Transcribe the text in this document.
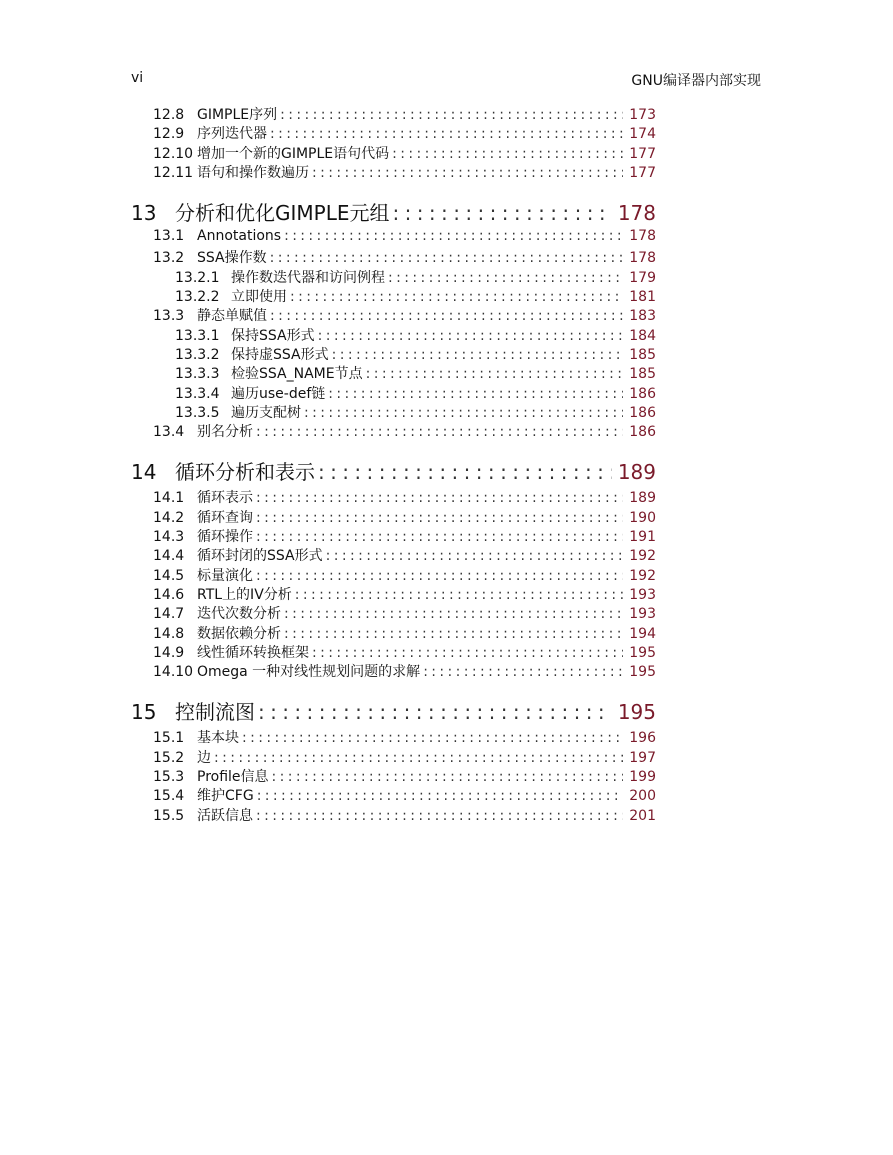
vi	GNU编译器内部实现
12.8 GIMPLE序列 :::::::::::::::::::::::::::::::::::::::::::::::::::::::::::::::::::::::::::::::::::::::::::::::::	173
12.9 序列迭代器 :::::::::::::::::::::::::::::::::::::::::::::::::::::::::::::::::::::::::::::::::::::::::::::::::	174
12.10 增加一个新的GIMPLE语句代码 :::::::::::::::::::::::::::::::::::::::::::::::::::::::::::::::::::::::::::::::::::::::::::::::::	177
12.11 语句和操作数遍历 :::::::::::::::::::::::::::::::::::::::::::::::::::::::::::::::::::::::::::::::::::::::::::::::::	177
13 分析和优化GIMPLE元组 :::::::::::::::::::::::::::::::::::::::::::::::::::::::::::::::::::::::::::::::::::::::::::::::::	178
13.1 Annotations :::::::::::::::::::::::::::::::::::::::::::::::::::::::::::::::::::::::::::::::::::::::::::::::::	178
13.2 SSA操作数 :::::::::::::::::::::::::::::::::::::::::::::::::::::::::::::::::::::::::::::::::::::::::::::::::	178
13.2.1 操作数迭代器和访问例程 :::::::::::::::::::::::::::::::::::::::::::::::::::::::::::::::::::::::::::::::::::::::::::::::::	179
13.2.2 立即使用 :::::::::::::::::::::::::::::::::::::::::::::::::::::::::::::::::::::::::::::::::::::::::::::::::	181
13.3 静态单赋值 :::::::::::::::::::::::::::::::::::::::::::::::::::::::::::::::::::::::::::::::::::::::::::::::::	183
13.3.1 保持SSA形式 :::::::::::::::::::::::::::::::::::::::::::::::::::::::::::::::::::::::::::::::::::::::::::::::::	184
13.3.2 保持虚SSA形式 :::::::::::::::::::::::::::::::::::::::::::::::::::::::::::::::::::::::::::::::::::::::::::::::::	185
13.3.3 检验SSA_NAME节点 :::::::::::::::::::::::::::::::::::::::::::::::::::::::::::::::::::::::::::::::::::::::::::::::::	185
13.3.4 遍历use-def链 :::::::::::::::::::::::::::::::::::::::::::::::::::::::::::::::::::::::::::::::::::::::::::::::::	186
13.3.5 遍历支配树 :::::::::::::::::::::::::::::::::::::::::::::::::::::::::::::::::::::::::::::::::::::::::::::::::	186
13.4 别名分析 :::::::::::::::::::::::::::::::::::::::::::::::::::::::::::::::::::::::::::::::::::::::::::::::::	186
14 循环分析和表示 :::::::::::::::::::::::::::::::::::::::::::::::::::::::::::::::::::::::::::::::::::::::::::::::::	189
14.1 循环表示 :::::::::::::::::::::::::::::::::::::::::::::::::::::::::::::::::::::::::::::::::::::::::::::::::	189
14.2 循环查询 :::::::::::::::::::::::::::::::::::::::::::::::::::::::::::::::::::::::::::::::::::::::::::::::::	190
14.3 循环操作 :::::::::::::::::::::::::::::::::::::::::::::::::::::::::::::::::::::::::::::::::::::::::::::::::	191
14.4 循环封闭的SSA形式 :::::::::::::::::::::::::::::::::::::::::::::::::::::::::::::::::::::::::::::::::::::::::::::::::	192
14.5 标量演化 :::::::::::::::::::::::::::::::::::::::::::::::::::::::::::::::::::::::::::::::::::::::::::::::::	192
14.6 RTL上的IV分析 :::::::::::::::::::::::::::::::::::::::::::::::::::::::::::::::::::::::::::::::::::::::::::::::::	193
14.7 迭代次数分析 :::::::::::::::::::::::::::::::::::::::::::::::::::::::::::::::::::::::::::::::::::::::::::::::::	193
14.8 数据依赖分析 :::::::::::::::::::::::::::::::::::::::::::::::::::::::::::::::::::::::::::::::::::::::::::::::::	194
14.9 线性循环转换框架 :::::::::::::::::::::::::::::::::::::::::::::::::::::::::::::::::::::::::::::::::::::::::::::::::	195
14.10 Omega 一种对线性规划问题的求解 :::::::::::::::::::::::::::::::::::::::::::::::::::::::::::::::::::::::::::::::::::::::::::::::::	195
15 控制流图 :::::::::::::::::::::::::::::::::::::::::::::::::::::::::::::::::::::::::::::::::::::::::::::::::	195
15.1 基本块 :::::::::::::::::::::::::::::::::::::::::::::::::::::::::::::::::::::::::::::::::::::::::::::::::	196
15.2 边 :::::::::::::::::::::::::::::::::::::::::::::::::::::::::::::::::::::::::::::::::::::::::::::::::	197
15.3 Profile信息 :::::::::::::::::::::::::::::::::::::::::::::::::::::::::::::::::::::::::::::::::::::::::::::::::	199
15.4 维护CFG :::::::::::::::::::::::::::::::::::::::::::::::::::::::::::::::::::::::::::::::::::::::::::::::::	200
15.5 活跃信息 :::::::::::::::::::::::::::::::::::::::::::::::::::::::::::::::::::::::::::::::::::::::::::::::::	201
